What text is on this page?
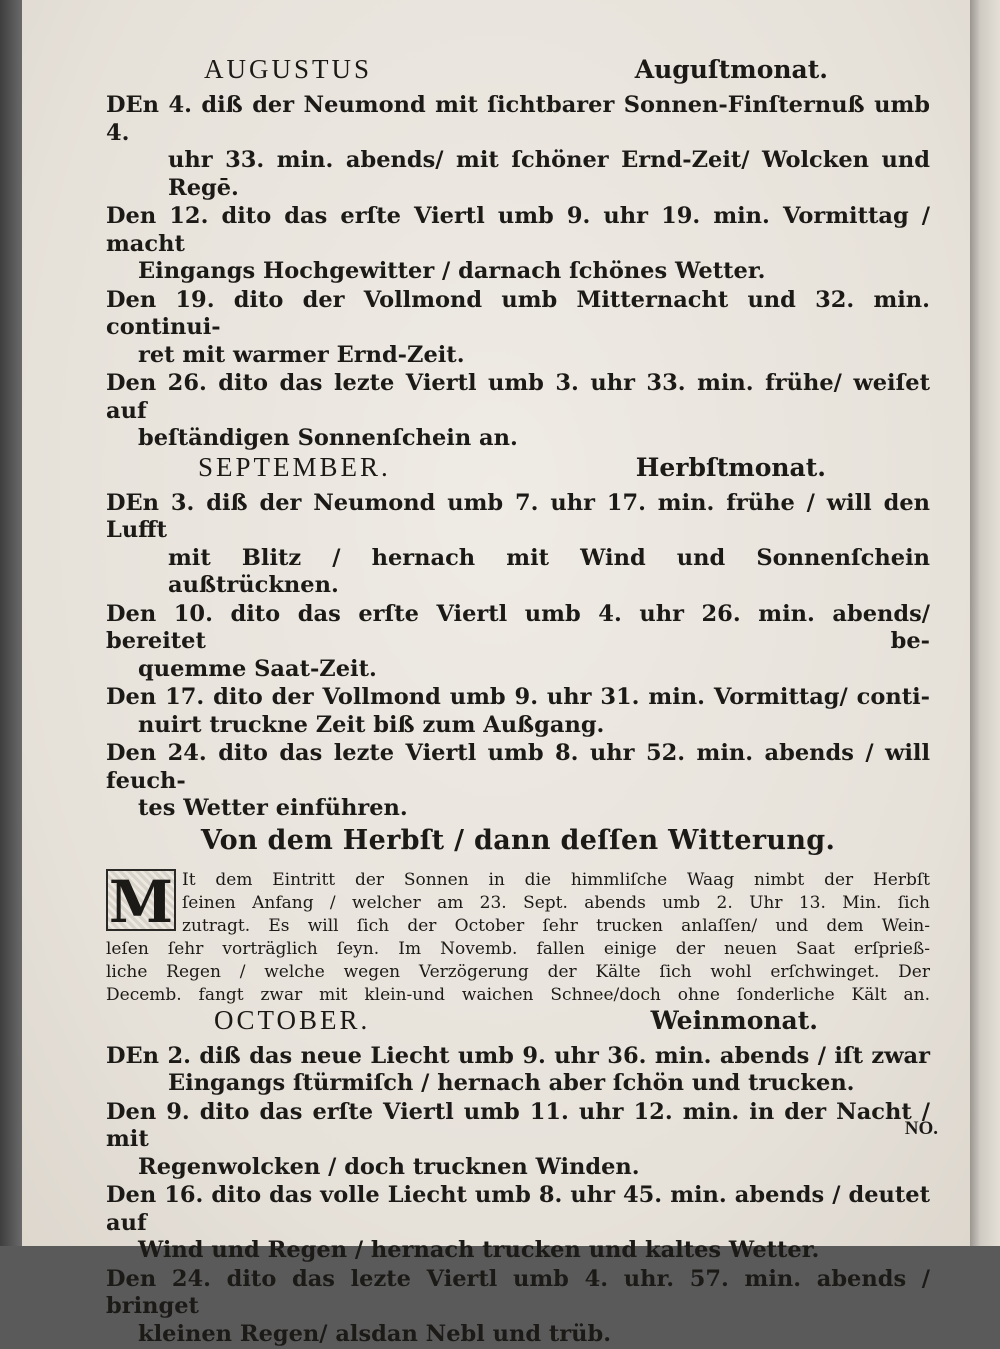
AUGUSTUS	Auguſtmonat.
DEn 4. diß der Neumond mit ſichtbarer Sonnen-Finſternuß umb 4.
uhr 33. min. abends/ mit ſchöner Ernd-Zeit/ Wolcken und Regē.
Den 12. dito das erſte Viertl umb 9. uhr 19. min. Vormittag / macht
Eingangs Hochgewitter / darnach ſchönes Wetter.
Den 19. dito der Vollmond umb Mitternacht und 32. min. continui-
ret mit warmer Ernd-Zeit.
Den 26. dito das lezte Viertl umb 3. uhr 33. min. frühe/ weiſet auf
beſtändigen Sonnenſchein an.
SEPTEMBER.	Herbſtmonat.
DEn 3. diß der Neumond umb 7. uhr 17. min. frühe / will den Lufft
mit Blitz / hernach mit Wind und Sonnenſchein außtrücknen.
Den 10. dito das erſte Viertl umb 4. uhr 26. min. abends/ bereitet be-
quemme Saat-Zeit.
Den 17. dito der Vollmond umb 9. uhr 31. min. Vormittag/ conti-
nuirt truckne Zeit biß zum Außgang.
Den 24. dito das lezte Viertl umb 8. uhr 52. min. abends / will feuch-
tes Wetter einführen.
Von dem Herbſt / dann deſſen Witterung.
M It dem Eintritt der Sonnen in die himmliſche Waag nimbt der Herbſt
ſeinen Anfang / welcher am 23. Sept. abends umb 2. Uhr 13. Min. ſich
zutragt. Es will ſich der October ſehr trucken anlaſſen/ und dem Wein-
leſen ſehr vorträglich ſeyn. Im Novemb. fallen einige der neuen Saat erſprieß-
liche Regen / welche wegen Verzögerung der Kälte ſich wohl erſchwinget. Der
Decemb. fangt zwar mit klein-und waichen Schnee/doch ohne ſonderliche Kält an.
OCTOBER.	Weinmonat.
DEn 2. diß das neue Liecht umb 9. uhr 36. min. abends / iſt zwar
Eingangs ſtürmiſch / hernach aber ſchön und trucken.
Den 9. dito das erſte Viertl umb 11. uhr 12. min. in der Nacht / mit
Regenwolcken / doch trucknen Winden.
Den 16. dito das volle Liecht umb 8. uhr 45. min. abends / deutet auf
Wind und Regen / hernach trucken und kaltes Wetter.
Den 24. dito das lezte Viertl umb 4. uhr. 57. min. abends / bringet
kleinen Regen/ alsdan Nebl und trüb.
NO.
